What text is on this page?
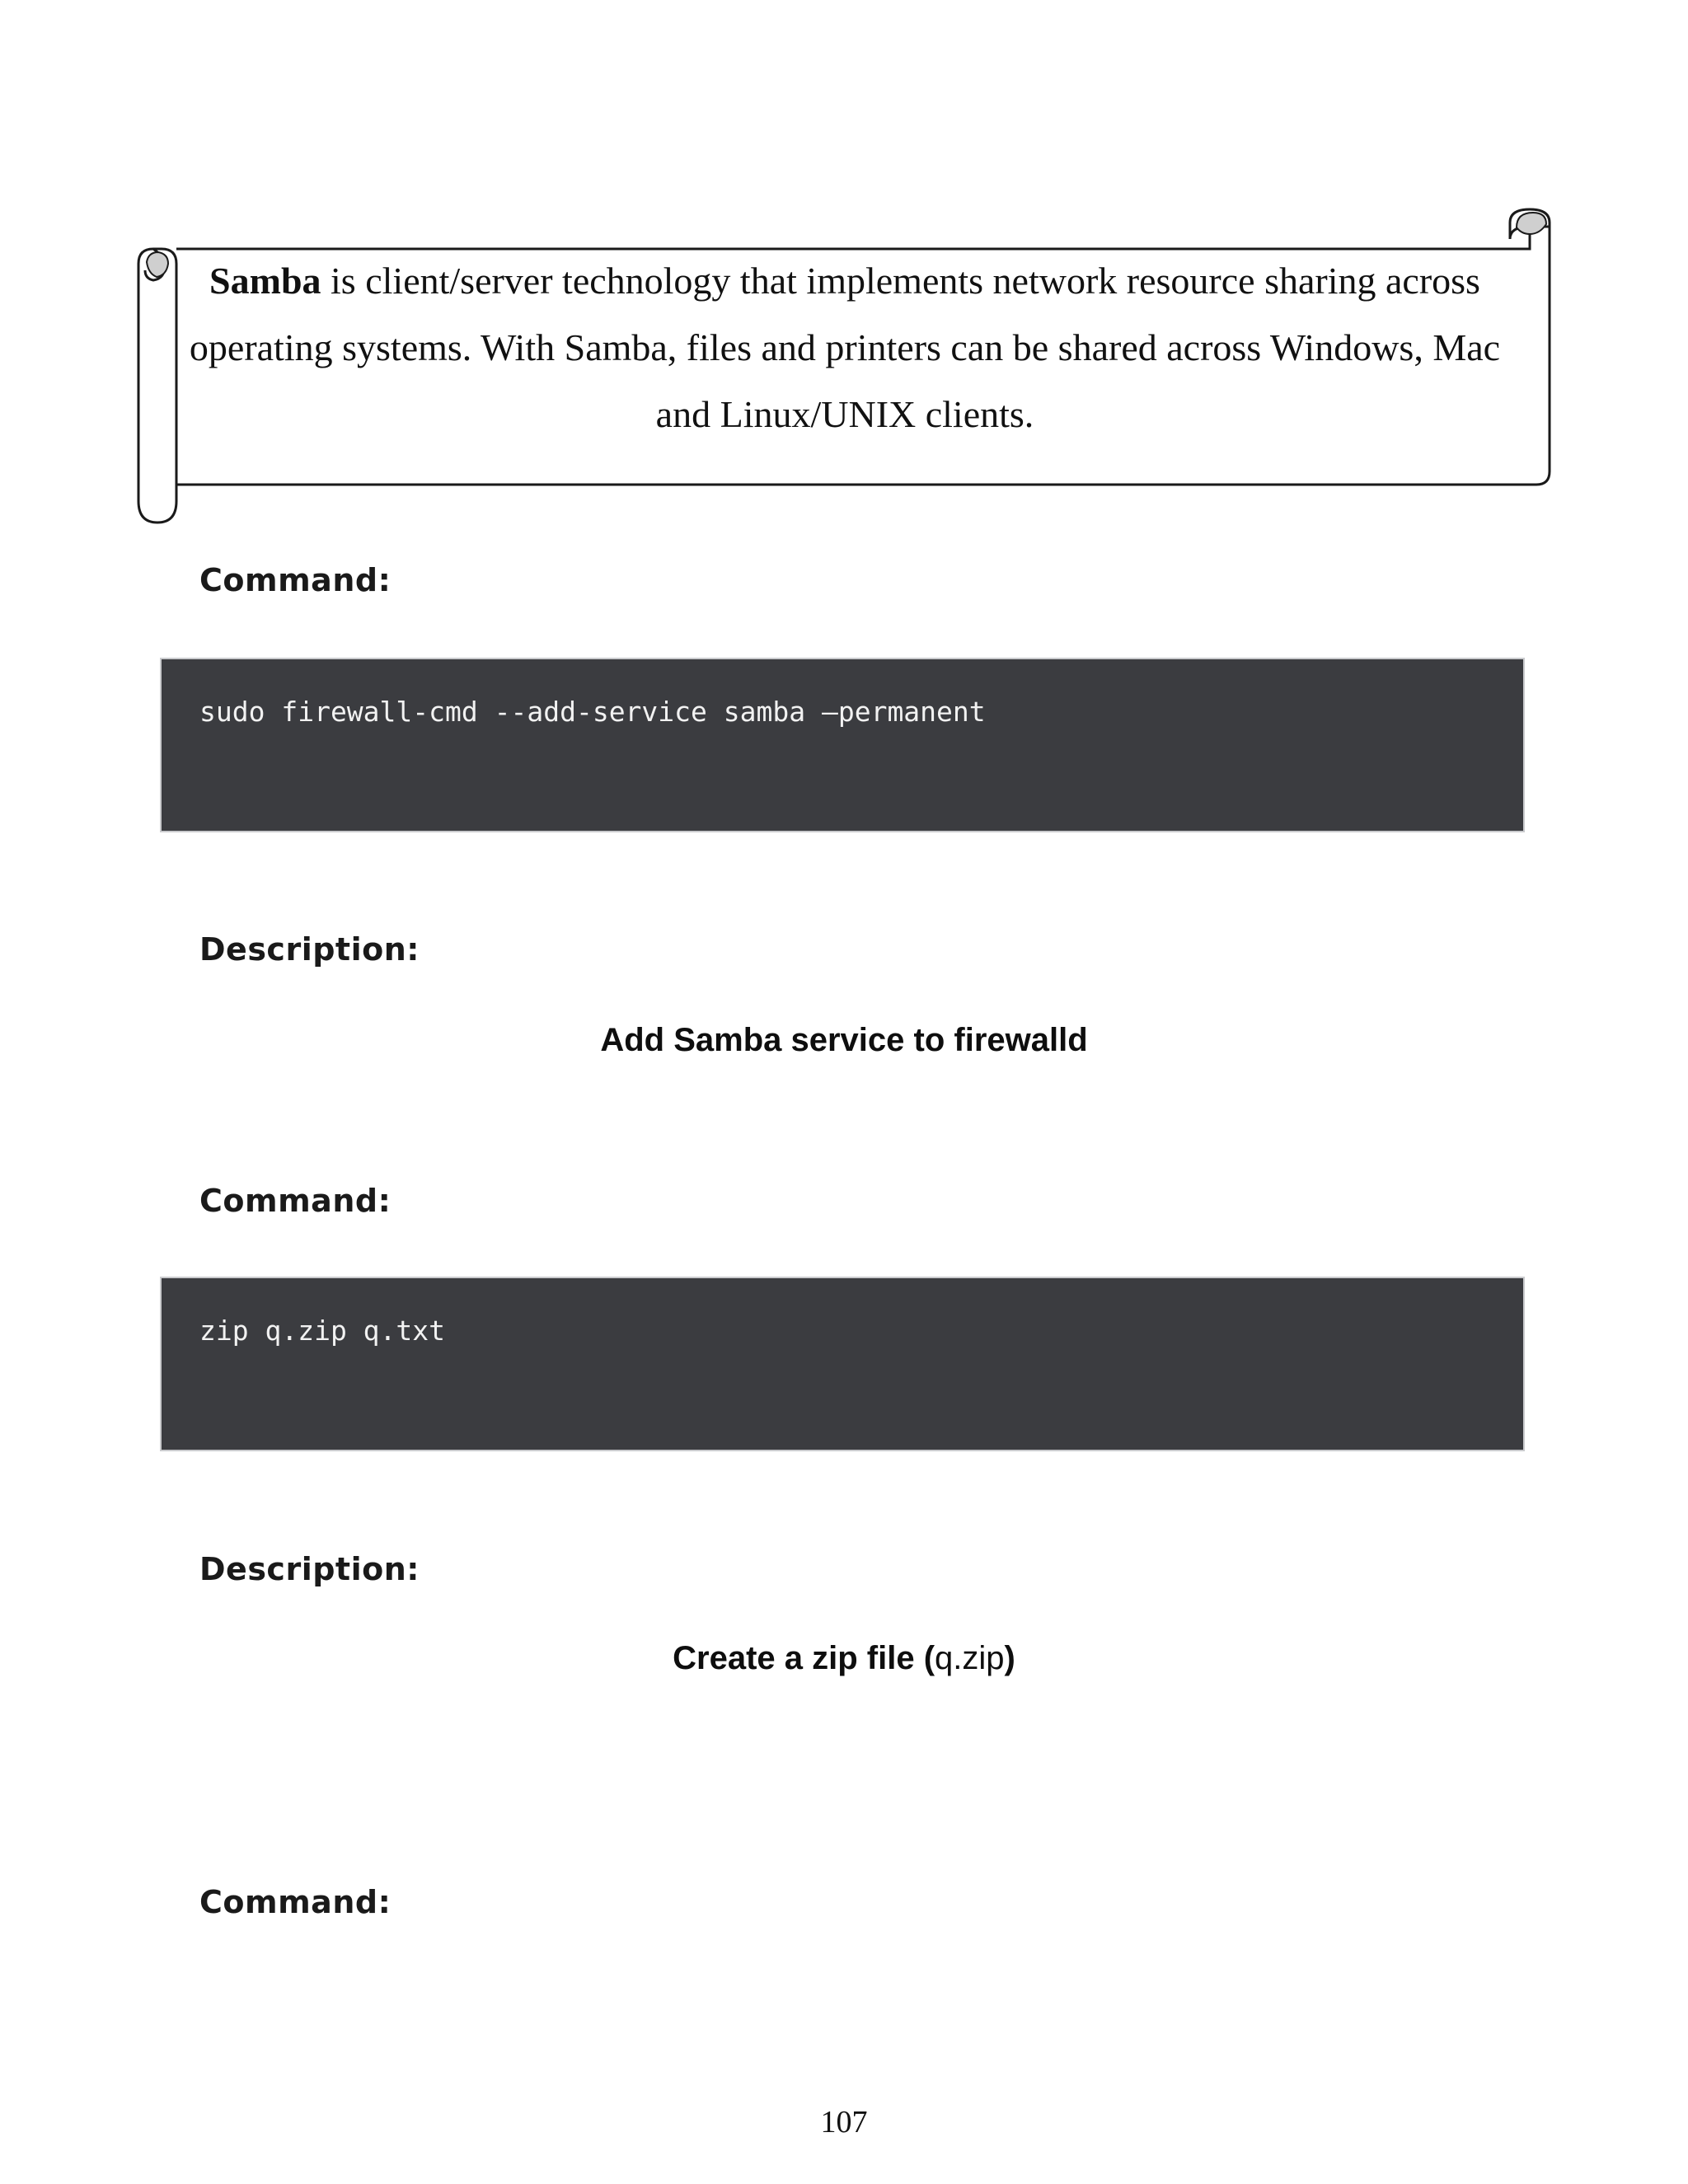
Samba is client/server technology that implements network resource sharing across operating systems. With Samba, files and printers can be shared across Windows, Mac and Linux/UNIX clients.

Command:

sudo firewall-cmd --add-service samba –permanent

Description:

Add Samba service to firewalld

Command:

zip q.zip q.txt

Description:

Create a zip file (q.zip)

Command:

107
